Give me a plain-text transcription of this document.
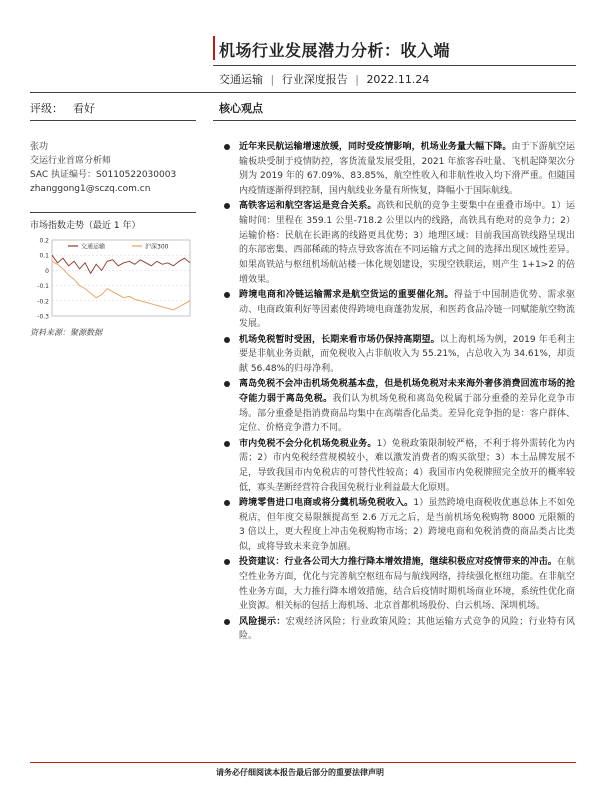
机场行业发展潜力分析：收入端
交通运输 | 行业深度报告 | 2022.11.24
评级： 看好	核心观点
张功
交运行业首席分析师
SAC 执证编号：S0110522030003
zhanggong1@sczq.com.cn
市场指数走势（最近 1 年）
0.2
0.1
0
-0.1
-0.2
-0.3
交通运输	沪深300
资料来源：聚源数据
近年来民航运输增速放缓，同时受疫情影响，机场业务量大幅下降。由于下游航空运输板块受制于疫情防控，客货流量发展受阻，2021 年旅客吞吐量、飞机起降架次分别为 2019 年的 67.09%、83.85%，航空性收入和非航性收入均下滑严重。但随国内疫情逐渐得到控制，国内航线业务量有所恢复，降幅小于国际航线。
高铁客运和航空客运是竞合关系。高铁和民航的竞争主要集中在重叠市场中。1）运输时间：里程在 359.1 公里-718.2 公里以内的线路，高铁具有绝对的竞争力；2）运输价格：民航在长距离的线路更具优势；3）地理区域：目前我国高铁线路呈现出的东部密集、西部稀疏的特点导致客流在不同运输方式之间的选择出现区域性差异。如果高铁站与枢纽机场航站楼一体化规划建设，实现空铁联运，则产生 1+1>2 的倍增效果。
跨境电商和冷链运输需求是航空货运的重要催化剂。得益于中国制造优势、需求驱动、电商政策利好等因素使得跨境电商蓬勃发展，和医药食品冷链一同赋能航空物流发展。
机场免税暂时受困，长期来看市场仍保持高期望。以上海机场为例，2019 年毛利主要是非航业务贡献，而免税收入占非航收入为 55.21%，占总收入为 34.61%，却贡献 56.48%的归母净利。
离岛免税不会冲击机场免税基本盘，但是机场免税对未来海外奢侈消费回流市场的抢夺能力弱于离岛免税。我们认为机场免税和离岛免税属于部分重叠的差异化竞争市场。部分重叠是指消费商品均集中在高端香化品类。差异化竞争指的是：客户群体、定位、价格竞争潜力不同。
市内免税不会分化机场免税业务。1）免税政策限制较严格，不利于将外需转化为内需；2）市内免税经营规模较小，难以激发消费者的购买欲望；3）本土品牌发展不足，导致我国市内免税店的可替代性较高；4）我国市内免税牌照完全放开的概率较低，寡头垄断经营符合我国免税行业利益最大化原则。
跨境零售进口电商或将分羹机场免税收入。1）虽然跨境电商税收优惠总体上不如免税店，但年度交易限额提高至 2.6 万元之后，是当前机场免税购物 8000 元限额的 3 倍以上，更大程度上冲击免税购物市场；2）跨境电商和免税消费的商品类占比类似，或将导致未来竞争加剧。
投资建议：行业各公司大力推行降本增效措施，继续积极应对疫情带来的冲击。在航空性业务方面，优化与完善航空枢纽布局与航线网络，持续强化枢纽功能。在非航空性业务方面，大力推行降本增效措施，结合后疫情时期机场商业环境，系统性优化商业资源。相关标的包括上海机场、北京首都机场股份、白云机场、深圳机场。
风险提示：宏观经济风险；行业政策风险；其他运输方式竞争的风险；行业特有风险。
请务必仔细阅读本报告最后部分的重要法律声明
